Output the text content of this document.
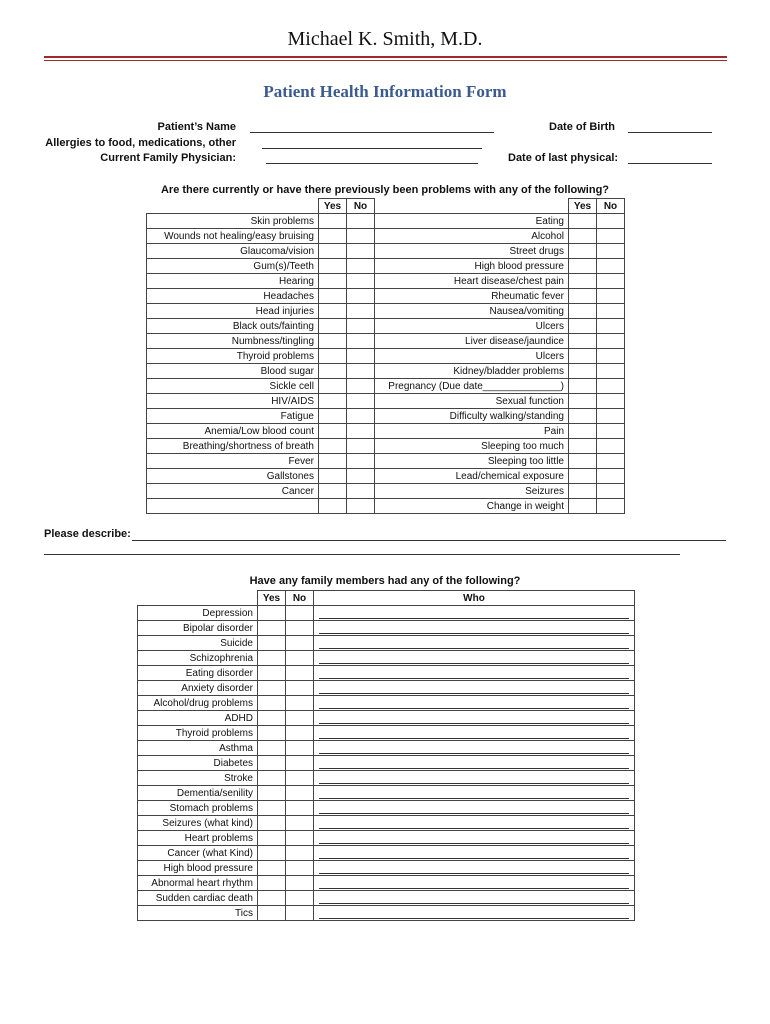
Michael K. Smith, M.D.
Patient Health Information Form
Patient’s Name	Date of Birth
Allergies to food, medications, other
Current Family Physician:	Date of last physical:
Are there currently or have there previously been problems with any of the following?
	Yes	No		Yes	No
Skin problems			Eating		
Wounds not healing/easy bruising			Alcohol		
Glaucoma/vision			Street drugs		
Gum(s)/Teeth			High blood pressure		
Hearing			Heart disease/chest pain		
Headaches			Rheumatic fever		
Head injuries			Nausea/vomiting		
Black outs/fainting			Ulcers		
Numbness/tingling			Liver disease/jaundice		
Thyroid problems			Ulcers		
Blood sugar			Kidney/bladder problems		
Sickle cell			Pregnancy (Due date______________)		
HIV/AIDS			Sexual function		
Fatigue			Difficulty walking/standing		
Anemia/Low blood count			Pain		
Breathing/shortness of breath			Sleeping too much		
Fever			Sleeping too little		
Gallstones			Lead/chemical exposure		
Cancer			Seizures		
			Change in weight		
Please describe:
Have any family members had any of the following?
	Yes	No	Who
Depression			

Bipolar disorder			

Suicide			

Schizophrenia			

Eating disorder			

Anxiety disorder			

Alcohol/drug problems			

ADHD			

Thyroid problems			

Asthma			

Diabetes			

Stroke			

Dementia/senility			

Stomach problems			

Seizures (what kind)			

Heart problems			

Cancer (what Kind)			

High blood pressure			

Abnormal heart rhythm			

Sudden cardiac death			

Tics			
